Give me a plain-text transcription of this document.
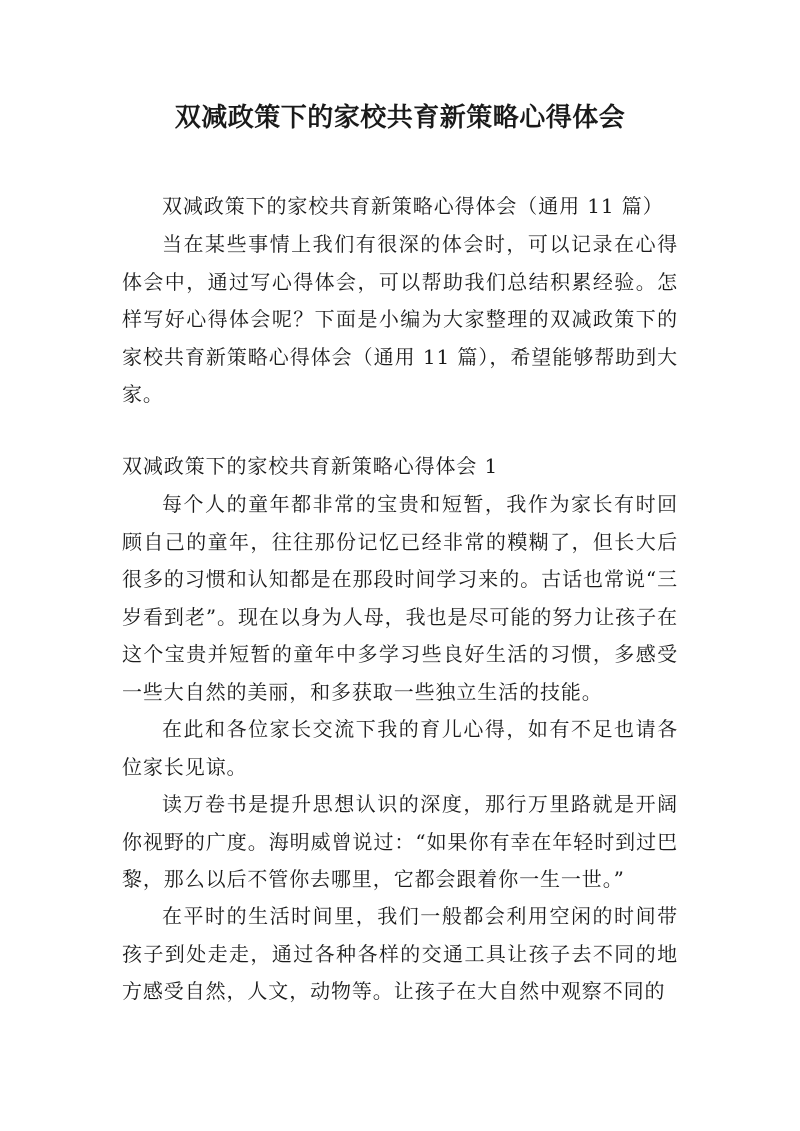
双减政策下的家校共育新策略心得体会

双减政策下的家校共育新策略心得体会（通用 11 篇）

当在某些事情上我们有很深的体会时，可以记录在心得体会中，通过写心得体会，可以帮助我们总结积累经验。怎样写好心得体会呢？下面是小编为大家整理的双减政策下的家校共育新策略心得体会（通用 11 篇），希望能够帮助到大家。

双减政策下的家校共育新策略心得体会 1

每个人的童年都非常的宝贵和短暂，我作为家长有时回顾自己的童年，往往那份记忆已经非常的糢糊了，但长大后很多的习惯和认知都是在那段时间学习来的。古话也常说“三岁看到老”。现在以身为人母，我也是尽可能的努力让孩子在这个宝贵并短暂的童年中多学习些良好生活的习惯，多感受一些大自然的美丽，和多获取一些独立生活的技能。

在此和各位家长交流下我的育儿心得，如有不足也请各位家长见谅。

读万卷书是提升思想认识的深度，那行万里路就是开阔你视野的广度。海明威曾说过：“如果你有幸在年轻时到过巴黎，那么以后不管你去哪里，它都会跟着你一生一世。”

在平时的生活时间里，我们一般都会利用空闲的时间带孩子到处走走，通过各种各样的交通工具让孩子去不同的地方感受自然，人文，动物等。让孩子在大自然中观察不同的
